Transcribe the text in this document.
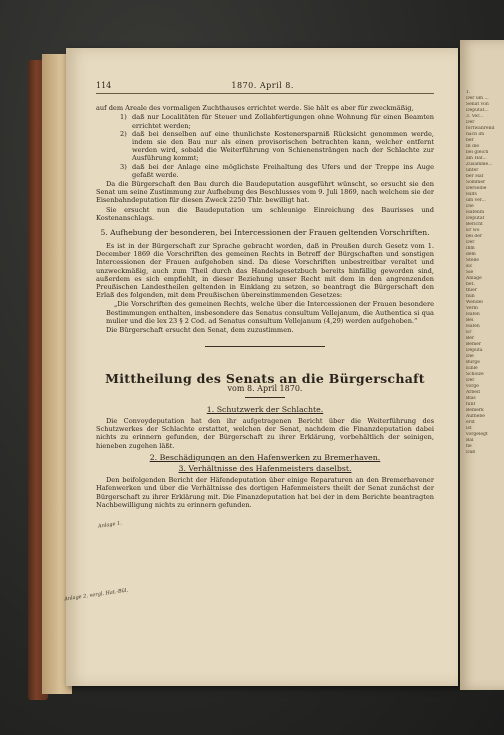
114	1870. April 8.

auf dem Areale des vormaligen Zuchthauses errichtet werde. Sie hält es aber für zweckmäßig,

1) daß nur Localitäten für Steuer und Zollabfertigungen ohne Wohnung für einen Beamten errichtet werden;
2) daß bei denselben auf eine thunlichste Kostenersparniß Rücksicht genommen werde, indem sie den Bau nur als einen provisorischen betrachten kann, welcher entfernt werden wird, sobald die Weiterführung von Schienensträngen nach der Schlachte zur Ausführung kommt;
3) daß bei der Anlage eine möglichste Freihaltung des Ufers und der Treppe ins Auge gefaßt werde.

Da die Bürgerschaft den Bau durch die Baudeputation ausgeführt wünscht, so ersucht sie den Senat um seine Zustimmung zur Aufhebung des Beschlusses vom 9. Juli 1869, nach welchem sie der Eisenbahndeputation für diesen Zweck 2250 Thlr. bewilligt hat.

Sie ersucht nun die Baudeputation um schleunige Einreichung des Baurisses und Kostenanschlags.

5. Aufhebung der besonderen, bei Intercessionen der Frauen geltenden Vorschriften.

Es ist in der Bürgerschaft zur Sprache gebracht worden, daß in Preußen durch Gesetz vom 1. December 1869 die Vorschriften des gemeinen Rechts in Betreff der Bürgschaften und sonstigen Intercessionen der Frauen aufgehoben sind. Da diese Vorschriften unbestreitbar veraltet und unzweckmäßig, auch zum Theil durch das Handelsgesetzbuch bereits hinfällig geworden sind, außerdem es sich empfiehlt, in dieser Beziehung unser Recht mit dem in den angrenzenden Preußischen Landestheilen geltenden in Einklang zu setzen, so beantragt die Bürgerschaft den Erlaß des folgenden, mit dem Preußischen übereinstimmenden Gesetzes:

„Die Vorschriften des gemeinen Rechts, welche über die Intercessionen der Frauen besondere Bestimmungen enthalten, insbesondere das Senatus consultum Vellejanum, die Authentica si qua mulier und die lex 23 § 2 Cod. ad Senatus consultum Vellejanum (4,29) werden aufgehoben.“

Die Bürgerschaft ersucht den Senat, dem zuzustimmen.

Mittheilung des Senats an die Bürgerschaft
vom 8. April 1870.
1. Schutzwerk der Schlachte.

Die Convoydeputation hat den ihr aufgetragenen Bericht über die Weiterführung des Schutzwerkes der Schlachte erstattet, welchen der Senat, nachdem die Finanzdeputation dabei nichts zu erinnern gefunden, der Bürgerschaft zu ihrer Erklärung, vorbehältlich der seinigen, hieneben zugehen läßt.

2. Beschädigungen an den Hafenwerken zu Bremerhaven.
3. Verhältnisse des Hafenmeisters daselbst.

Den beifolgenden Bericht der Häfendeputation über einige Reparaturen an den Bremerhavener Hafenwerken und über die Verhältnisse des dortigen Hafenmeisters theilt der Senat zunächst der Bürgerschaft zu ihrer Erklärung mit. Die Finanzdeputation hat bei der in dem Berichte beantragten Nachbewilligung nichts zu erinnern gefunden.

Anlage 1.
Anlage 2. vergl. Hat.-Bül.
1.
Der um ...
Senat von
Deputat...
3. Ver...
Der
fortwährend
nach im
ber
In die
bei gleich
am Haf...
Zusamme...
unter
ber Haf
Sommer
Derselbe
Hilfs
um ver...
Die
Hafenm
Deputat
Bericht
Er wo
bei der
Der
ihm
dem
Stelle
sic
Sie
Anlage
bet.
thier
nun
Wendel
Verm
Hafen
Bei
Hafen
Er
Ber
Bemer
Deputa
Die
Burge
Einle
Scholze
Der
vorge
Arbeit
Blas
fünf
Bemerk
Aufhebe
erst
ist
vorgelegt
Bal
fie
Daß
